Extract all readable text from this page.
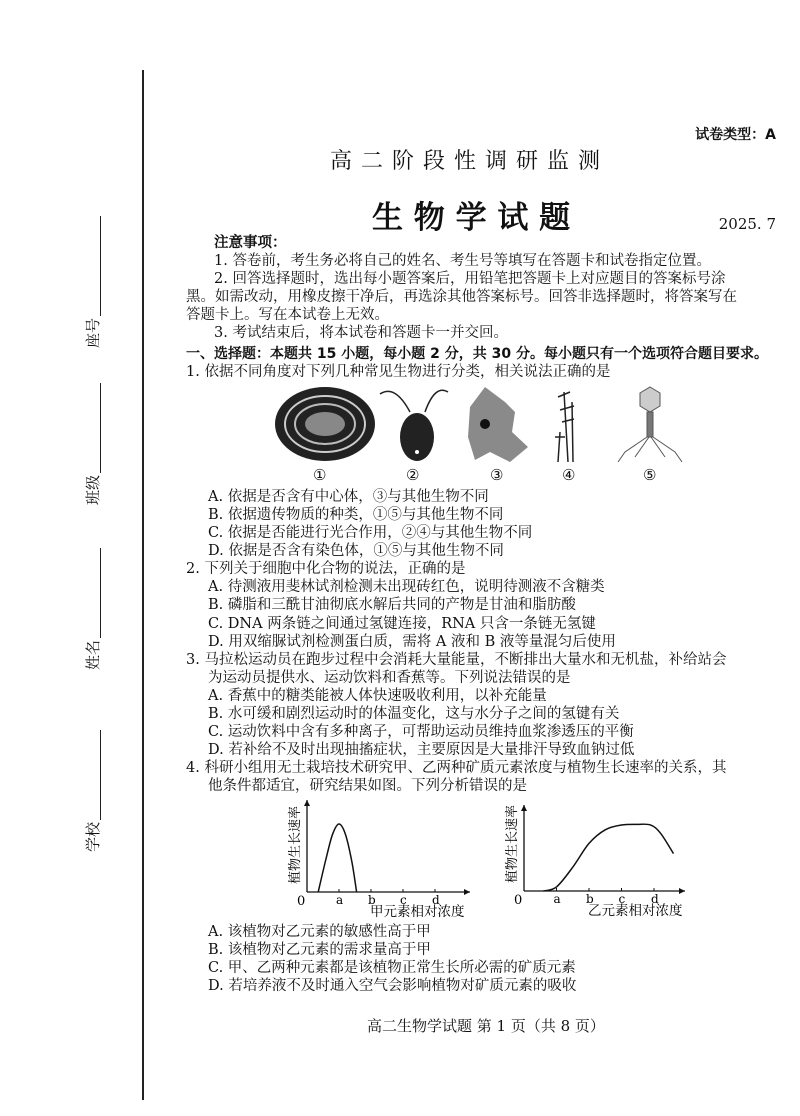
学校
姓名
班级
座号
试卷类型：A
高 二 阶 段 性 调 研 监 测
生 物 学 试 题	2025. 7
注意事项：
1. 答卷前，考生务必将自己的姓名、考生号等填写在答题卡和试卷指定位置。
2. 回答选择题时，选出每小题答案后，用铅笔把答题卡上对应题目的答案标号涂
黑。如需改动，用橡皮擦干净后，再选涂其他答案标号。回答非选择题时，将答案写在
答题卡上。写在本试卷上无效。
3. 考试结束后，将本试卷和答题卡一并交回。
一、选择题：本题共 15 小题，每小题 2 分，共 30 分。每小题只有一个选项符合题目要求。
1. 依据不同角度对下列几种常见生物进行分类，相关说法正确的是
①	②	③	④	⑤
A. 依据是否含有中心体，③与其他生物不同
B. 依据遗传物质的种类，①⑤与其他生物不同
C. 依据是否能进行光合作用，②④与其他生物不同
D. 依据是否含有染色体，①⑤与其他生物不同
2. 下列关于细胞中化合物的说法，正确的是
A. 待测液用斐林试剂检测未出现砖红色，说明待测液不含糖类
B. 磷脂和三酰甘油彻底水解后共同的产物是甘油和脂肪酸
C. DNA 两条链之间通过氢键连接，RNA 只含一条链无氢键
D. 用双缩脲试剂检测蛋白质，需将 A 液和 B 液等量混匀后使用
3. 马拉松运动员在跑步过程中会消耗大量能量，不断排出大量水和无机盐，补给站会
为运动员提供水、运动饮料和香蕉等。下列说法错误的是
A. 香蕉中的糖类能被人体快速吸收利用，以补充能量
B. 水可缓和剧烈运动时的体温变化，这与水分子之间的氢键有关
C. 运动饮料中含有多种离子，可帮助运动员维持血浆渗透压的平衡
D. 若补给不及时出现抽搐症状，主要原因是大量排汗导致血钠过低
4. 科研小组用无土栽培技术研究甲、乙两种矿质元素浓度与植物生长速率的关系，其
他条件都适宜，研究结果如图。下列分析错误的是
0	a b c d
甲元素相对浓度
植物生长速率
0	a b c d
乙元素相对浓度
植物生长速率
A. 该植物对乙元素的敏感性高于甲
B. 该植物对乙元素的需求量高于甲
C. 甲、乙两种元素都是该植物正常生长所必需的矿质元素
D. 若培养液不及时通入空气会影响植物对矿质元素的吸收
高二生物学试题 第 1 页（共 8 页）
